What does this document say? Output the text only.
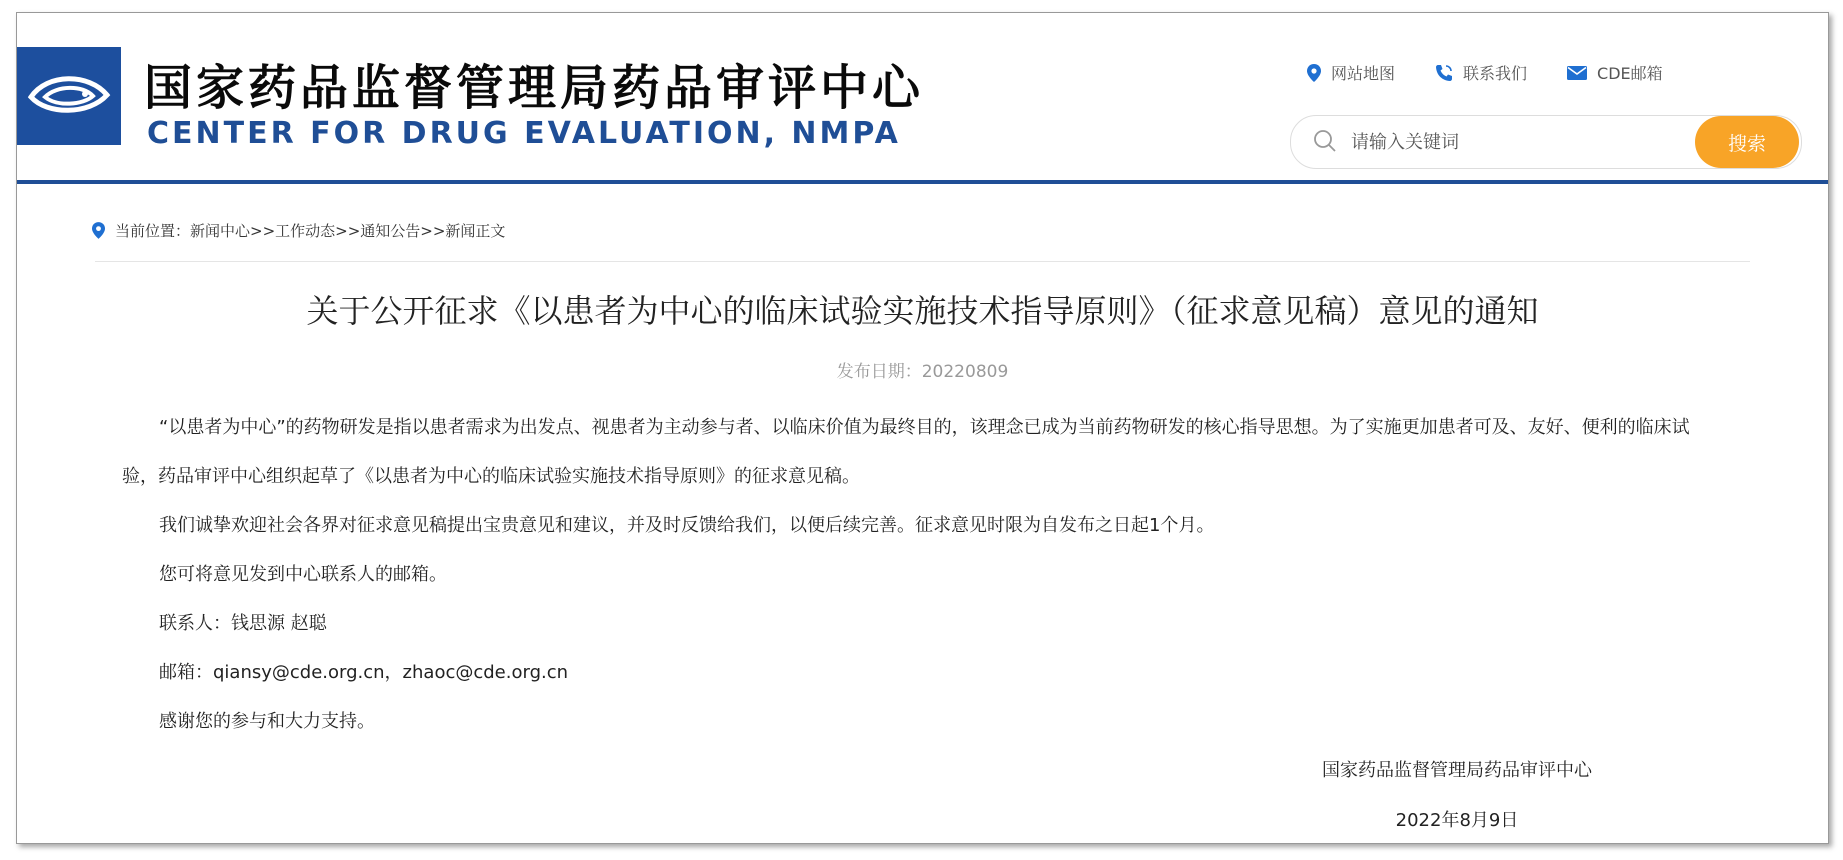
国家药品监督管理局药品审评中心
CENTER FOR DRUG EVALUATION, NMPA
网站地图	联系我们	CDE邮箱
请输入关键词
搜索
当前位置：新闻中心>>工作动态>>通知公告>>新闻正文
关于公开征求《以患者为中心的临床试验实施技术指导原则》（征求意见稿）意见的通知
发布日期：20220809

“以患者为中心”的药物研发是指以患者需求为出发点、视患者为主动参与者、以临床价值为最终目的，该理念已成为当前药物研发的核心指导思想。为了实施更加患者可及、友好、便利的临床试验，药品审评中心组织起草了《以患者为中心的临床试验实施技术指导原则》的征求意见稿。

我们诚挚欢迎社会各界对征求意见稿提出宝贵意见和建议，并及时反馈给我们，以便后续完善。征求意见时限为自发布之日起1个月。

您可将意见发到中心联系人的邮箱。

联系人：钱思源 赵聪

邮箱：qiansy@cde.org.cn，zhaoc@cde.org.cn

感谢您的参与和大力支持。

国家药品监督管理局药品审评中心
2022年8月9日
